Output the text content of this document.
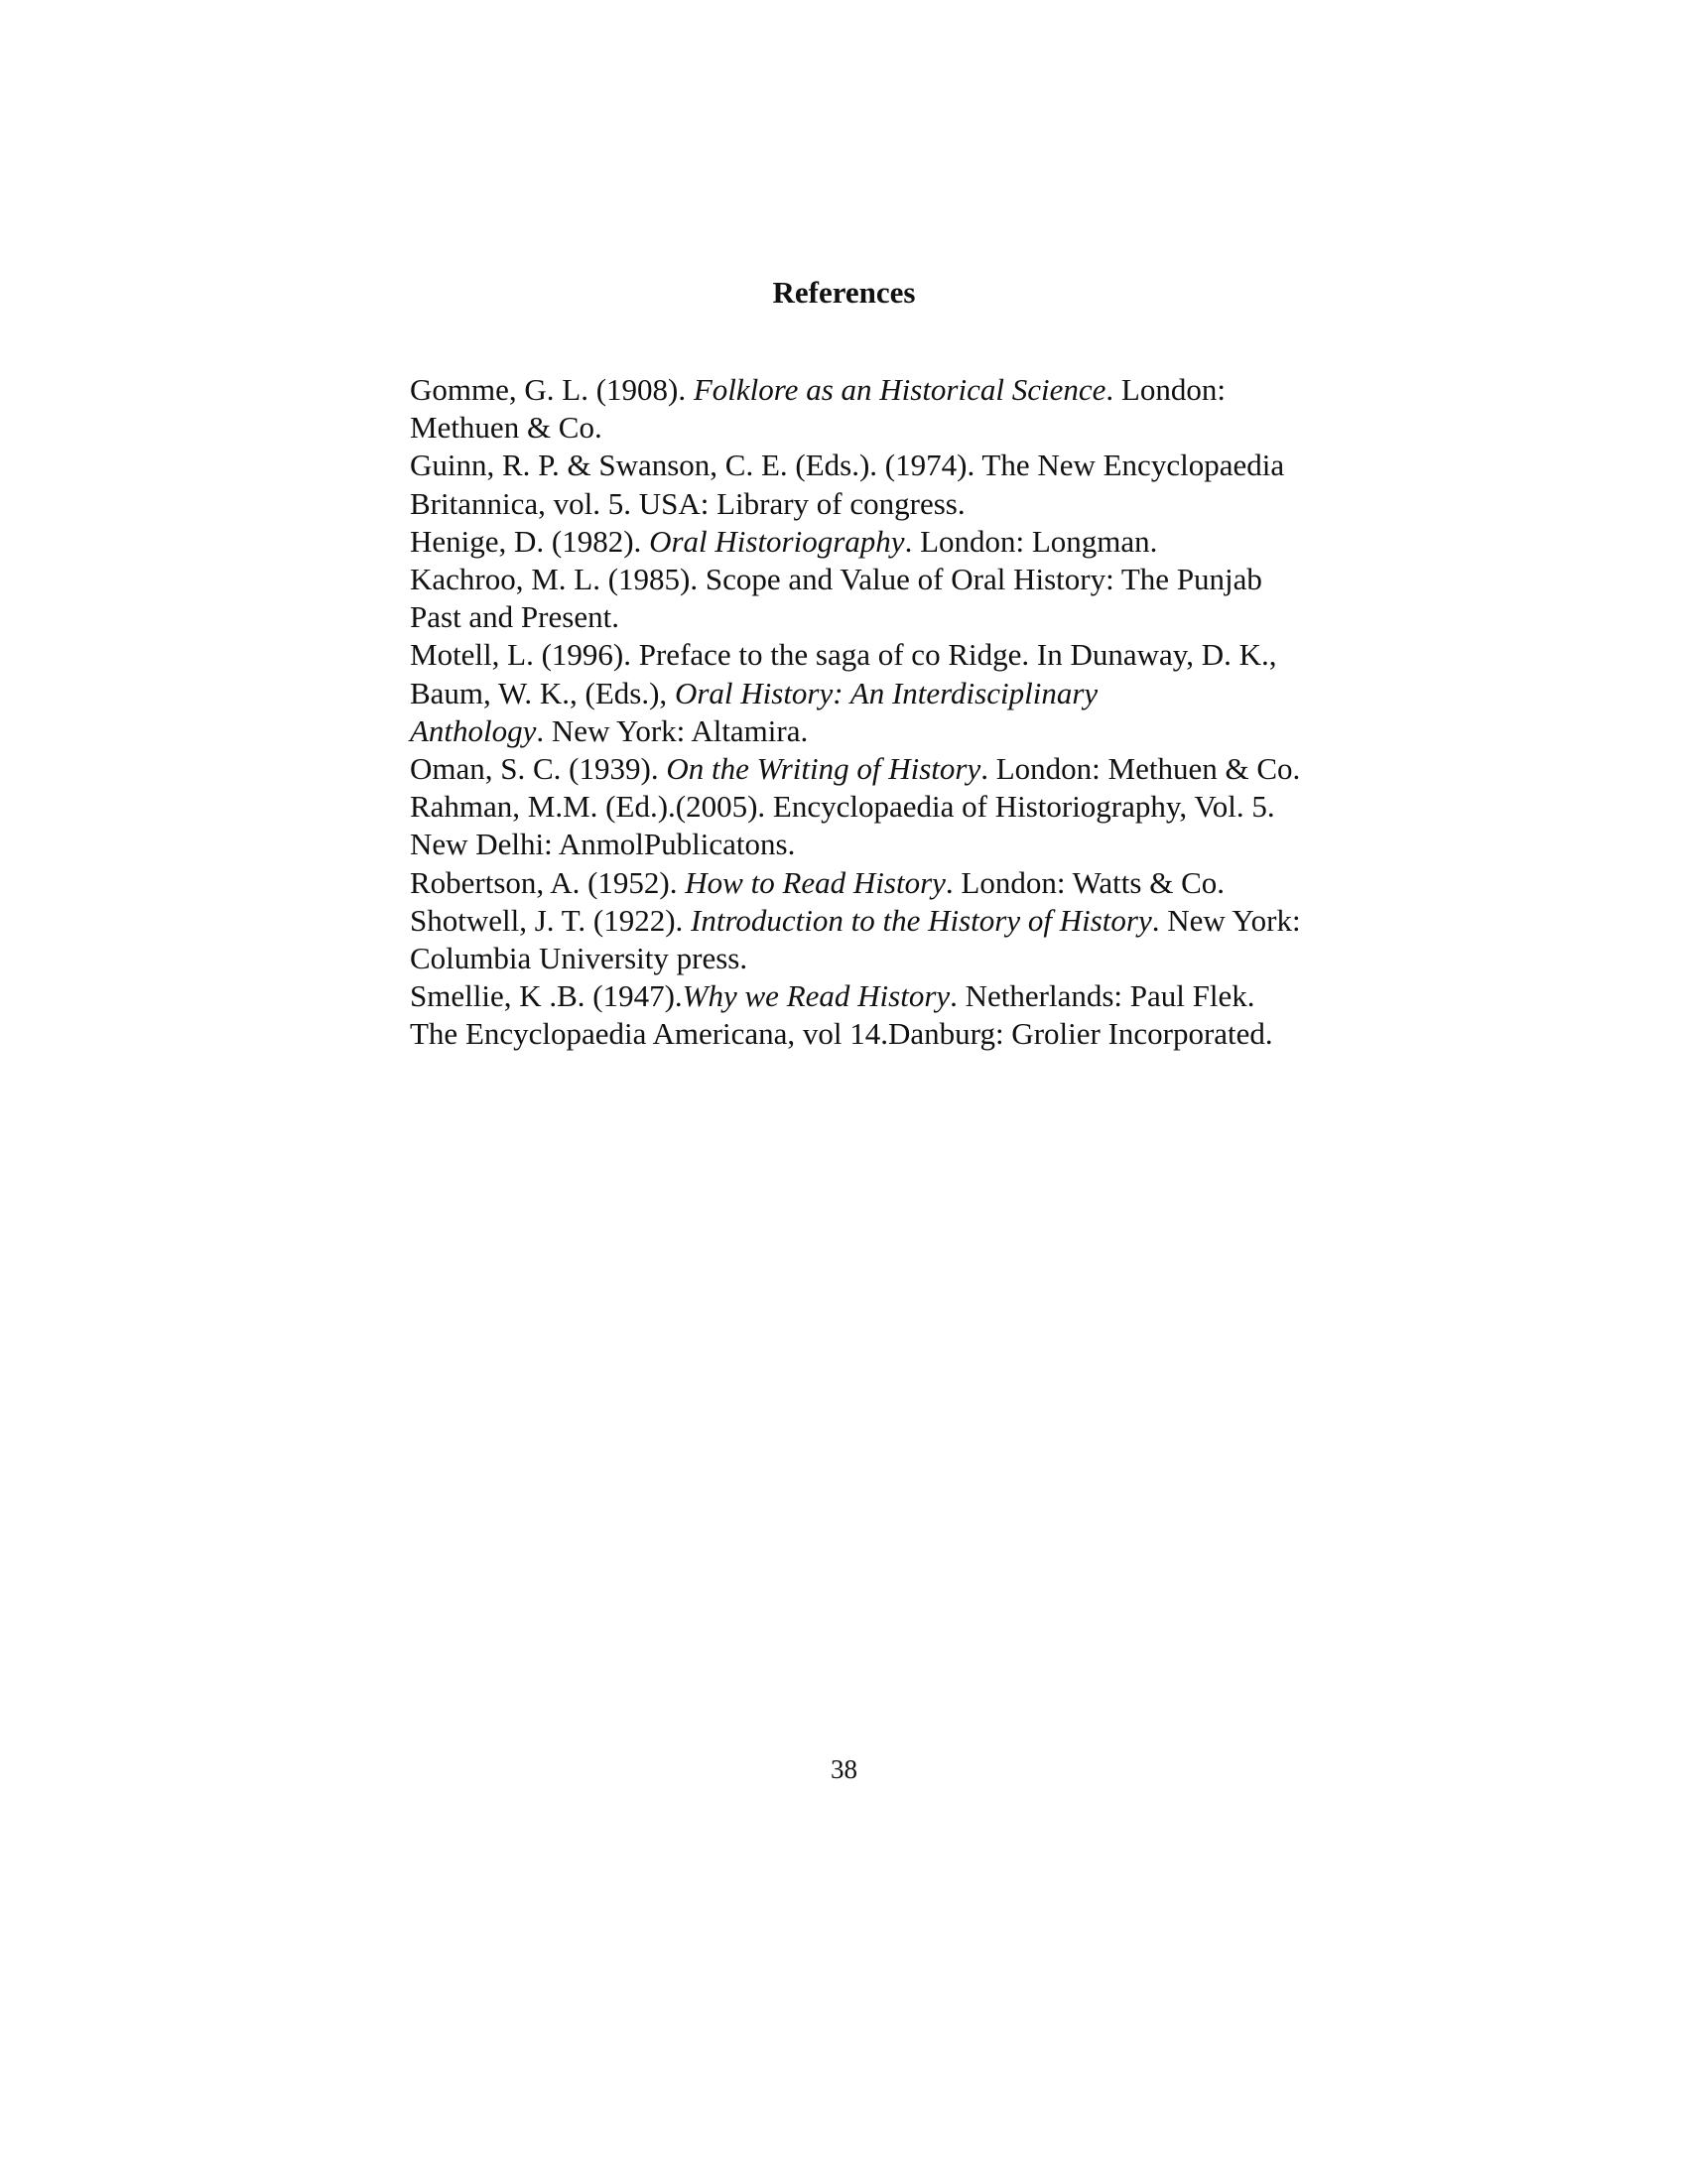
References
Gomme, G. L. (1908). Folklore as an Historical Science. London:
Methuen & Co.
Guinn, R. P. & Swanson, C. E. (Eds.). (1974). The New Encyclopaedia
Britannica, vol. 5. USA: Library of congress.
Henige, D. (1982). Oral Historiography. London: Longman.
Kachroo, M. L. (1985). Scope and Value of Oral History: The Punjab
Past and Present.
Motell, L. (1996). Preface to the saga of co Ridge. In Dunaway, D. K.,
Baum, W. K., (Eds.), Oral History: An Interdisciplinary
Anthology. New York: Altamira.
Oman, S. C. (1939). On the Writing of History. London: Methuen & Co.
Rahman, M.M. (Ed.).(2005). Encyclopaedia of Historiography, Vol. 5.
New Delhi: AnmolPublicatons.
Robertson, A. (1952). How to Read History. London: Watts & Co.
Shotwell, J. T. (1922). Introduction to the History of History. New York:
Columbia University press.
Smellie, K .B. (1947).Why we Read History. Netherlands: Paul Flek.
The Encyclopaedia Americana, vol 14.Danburg: Grolier Incorporated.
38
